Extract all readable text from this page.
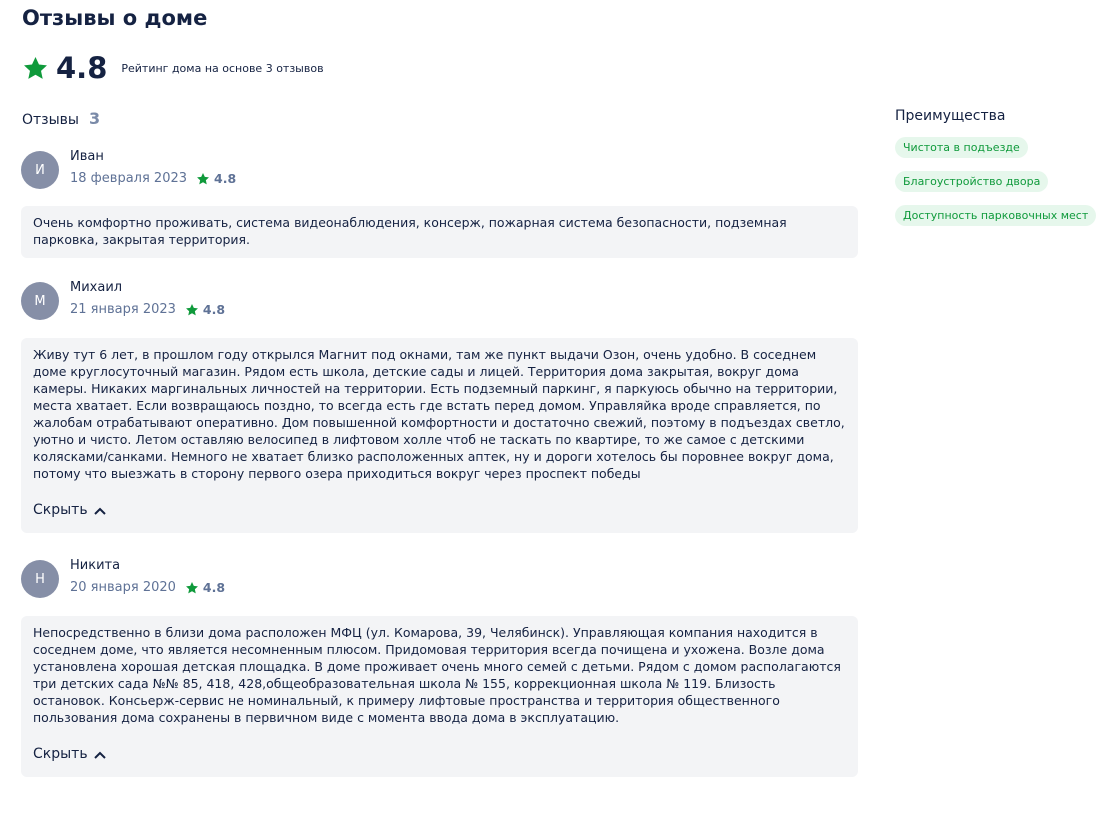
Отзывы о доме
4.8 Рейтинг дома на основе 3 отзывов
Отзывы 3
И
Иван
18 февраля 2023 4.8
Очень комфортно проживать, система видеонаблюдения, консерж, пожарная система безопасности, подземная парковка, закрытая территория.
М
Михаил
21 января 2023 4.8
Живу тут 6 лет, в прошлом году открылся Магнит под окнами, там же пункт выдачи Озон, очень удобно. В соседнем доме круглосуточный магазин. Рядом есть школа, детские сады и лицей. Территория дома закрытая, вокруг дома камеры. Никаких маргинальных личностей на территории. Есть подземный паркинг, я паркуюсь обычно на территории, места хватает. Если возвращаюсь поздно, то всегда есть где встать перед домом. Управляйка вроде справляется, по жалобам отрабатывают оперативно. Дом повышенной комфортности и достаточно свежий, поэтому в подъездах светло, уютно и чисто. Летом оставляю велосипед в лифтовом холле чтоб не таскать по квартире, то же самое с детскими колясками/санками. Немного не хватает близко расположенных аптек, ну и дороги хотелось бы поровнее вокруг дома, потому что выезжать в сторону первого озера приходиться вокруг через проспект победы
Скрыть
Н
Никита
20 января 2020 4.8
Непосредственно в близи дома расположен МФЦ (ул. Комарова, 39, Челябинск). Управляющая компания находится в соседнем доме, что является несомненным плюсом. Придомовая территория всегда почищена и ухожена. Возле дома установлена хорошая детская площадка. В доме проживает очень много семей с детьми. Рядом с домом располагаются три детских сада №№ 85, 418, 428,общеобразовательная школа № 155, коррекционная школа № 119. Близость остановок. Консьерж-сервис не номинальный, к примеру лифтовые пространства и территория общественного пользования дома сохранены в первичном виде с момента ввода дома в эксплуатацию.
Скрыть
Преимущества
Чистота в подъезде
Благоустройство двора
Доступность парковочных мест
